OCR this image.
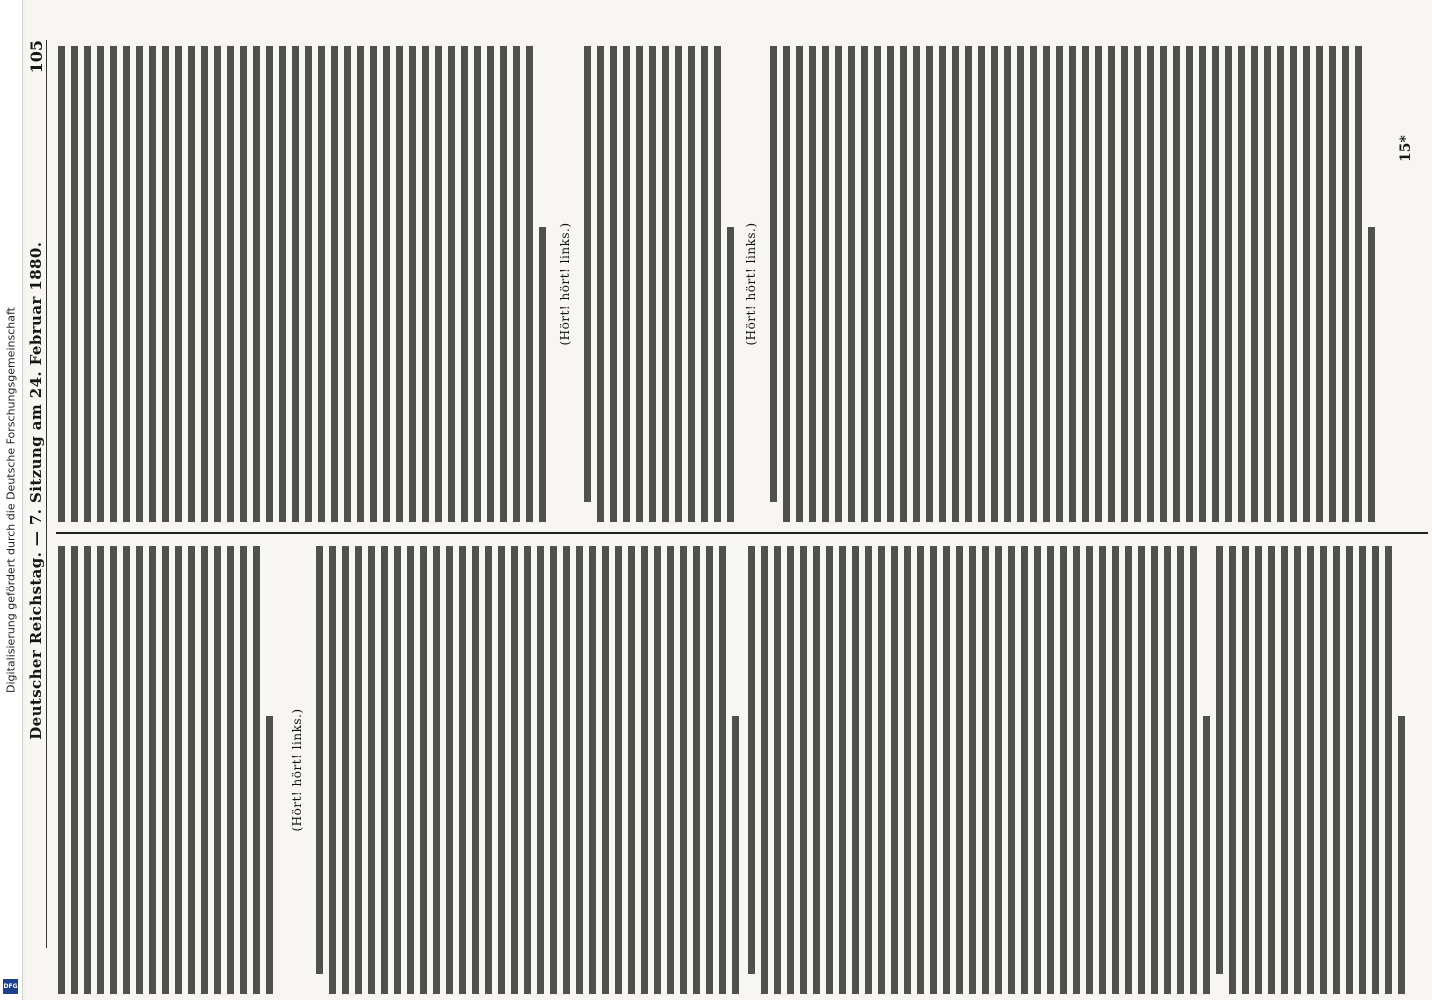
Digitalisierung gefördert durch die Deutsche Forschungsgemeinschaft
DFG
Deutscher Reichstag. — 7. Sitzung am 24. Februar 1880.
105
(Hört! hört! links.)
(Hört! hört! links.)	(Hört! hört! links.)
15*
